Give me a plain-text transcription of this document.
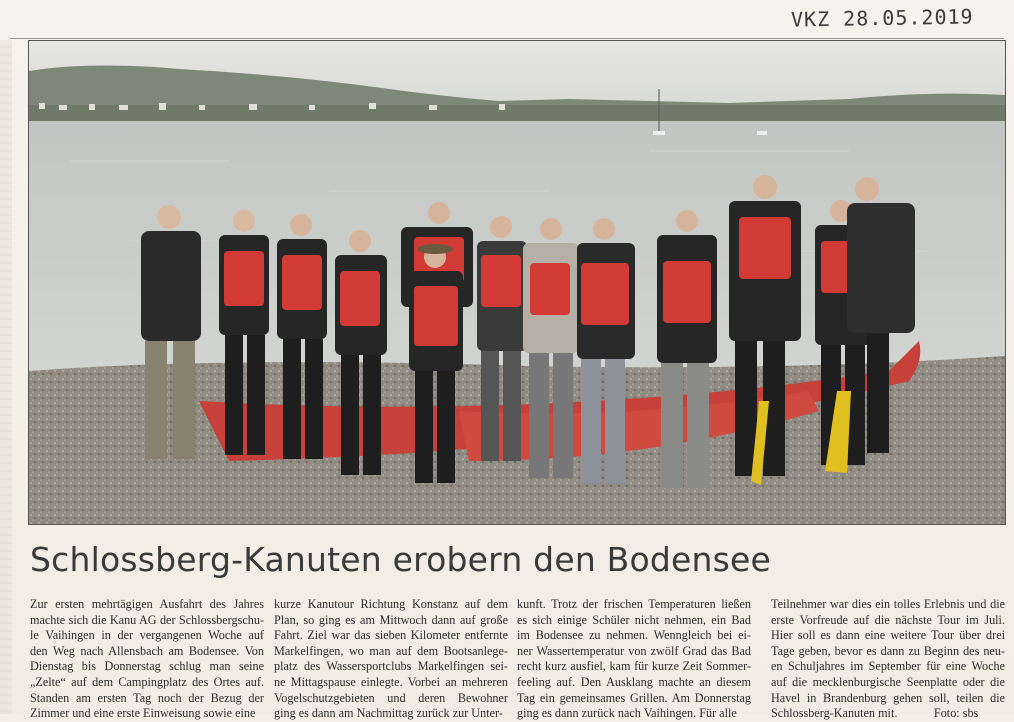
VKZ 28.05.2019
Schlossberg-Kanuten erobern den Bodensee
Zur ersten mehrtägigen Ausfahrt des Jahres
machte sich die Kanu AG der Schlossbergschu-
le Vaihingen in der vergangenen Woche auf
den Weg nach Allensbach am Bodensee. Von
Dienstag bis Donnerstag schlug man seine
„Zelte“ auf dem Campingplatz des Ortes auf.
Standen am ersten Tag noch der Bezug der
Zimmer und eine erste Einweisung sowie eine
kurze Kanutour Richtung Konstanz auf dem
Plan, so ging es am Mittwoch dann auf große
Fahrt. Ziel war das sieben Kilometer entfernte
Markelfingen, wo man auf dem Bootsanlege-
platz des Wassersportclubs Markelfingen sei-
ne Mittagspause einlegte. Vorbei an mehreren
Vogelschutzgebieten und deren Bewohner
ging es dann am Nachmittag zurück zur Unter-
kunft. Trotz der frischen Temperaturen ließen
es sich einige Schüler nicht nehmen, ein Bad
im Bodensee zu nehmen. Wenngleich bei ei-
ner Wassertemperatur von zwölf Grad das Bad
recht kurz ausfiel, kam für kurze Zeit Sommer-
feeling auf. Den Ausklang machte an diesem
Tag ein gemeinsames Grillen. Am Donnerstag
ging es dann zurück nach Vaihingen. Für alle
Teilnehmer war dies ein tolles Erlebnis und die
erste Vorfreude auf die nächste Tour im Juli.
Hier soll es dann eine weitere Tour über drei
Tage geben, bevor es dann zu Beginn des neu-
en Schuljahres im September für eine Woche
auf die mecklenburgische Seenplatte oder die
Havel in Brandenburg gehen soll, teilen die
Schlossberg-Kanuten mit.            Foto: sbs
